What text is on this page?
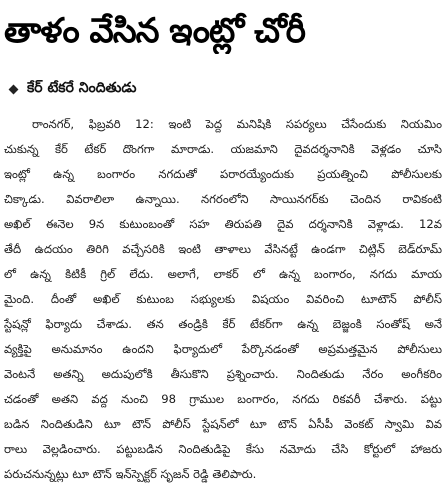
తాళం వేసిన ఇంట్లో చోరీ
కేర్ టేకరే నిందితుడు
రాంనగర్, ఫిబ్రవరి 12: ఇంటి పెద్ద మనిషికి సపర్యలు చేసేందుకు నియమిం
చుకున్న కేర్ టేకర్ దొంగగా మారాడు. యజమాని దైవదర్శనానికి వెళ్లడం చూసి
ఇంట్లో ఉన్న బంగారం నగదుతో పరారయ్యేందుకు ప్రయత్నించి పోలీసులకు
చిక్కాడు. వివరాలిలా ఉన్నాయి. నగరంలోని సాయినగర్‌కు చెందిన రావికంటి
అఖిల్ ఈనెల 9న కుటుంబంతో సహ తిరుపతి దైవ దర్శనానికి వెళ్లాడు. 12వ
తేదీ ఉదయం తిరిగి వచ్చేసరికి ఇంటి తాళాలు వేసినట్టే ఉండగా చిట్లిన్ బెడ్‌రూమ్
లో ఉన్న కిటికీ గ్రిల్ లేదు. అలాగే, లాకర్ లో ఉన్న బంగారం, నగదు మాయ
మైంది. దీంతో అఖిల్ కుటుంబ సభ్యులకు విషయం వివరించి టూటౌన్ పోలీస్
స్టేషన్లో ఫిర్యాదు చేశాడు. తన తండ్రికి కేర్ టేకర్‌గా ఉన్న బెజ్జంకి సంతోష్ అనే
వ్యక్తిపై అనుమానం ఉందని ఫిర్యాదులో పేర్కొనడంతో అప్రమత్తమైన పోలీసులు
వెంటనే అతన్ని అదుపులోకి తీసుకొని ప్రశ్నించారు. నిందితుడు నేరం అంగీకరిం
చడంతో అతని వద్ద నుంచి 98 గ్రాముల బంగారం, నగదు రికవరీ చేశారు. పట్టు
బడిన నిందితుడిని టూ టౌన్ పోలీస్ స్టేషన్‌లో టూ టౌన్ ఏసీపీ వెంకట్ స్వామి వివ
రాలు వెల్లడించారు. పట్టుబడిన నిందితుడిపై కేసు నమోదు చేసి కోర్టులో హాజరు
పరుచనున్నట్లు టూ టౌన్ ఇన్‌స్పెక్టర్ సృజన్ రెడ్డి తెలిపారు.
